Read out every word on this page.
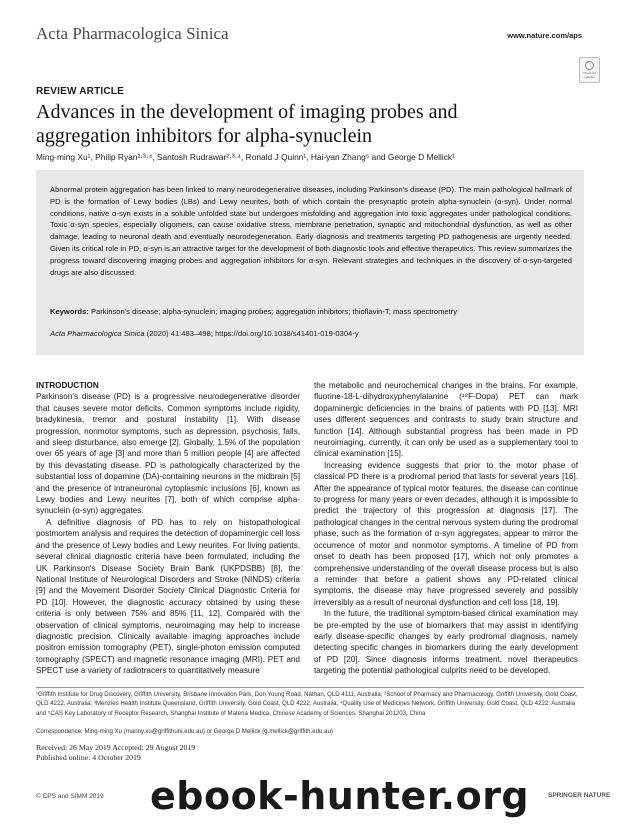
Acta Pharmacologica Sinica	www.nature.com/aps
Check for updates
REVIEW ARTICLE
Advances in the development of imaging probes and aggregation inhibitors for alpha-synuclein
Ming-ming Xu¹, Philip Ryan²·³·⁴, Santosh Rudrawar²·³·⁴, Ronald J Quinn¹, Hai-yan Zhang⁵ and George D Mellick¹
Abnormal protein aggregation has been linked to many neurodegenerative diseases, including Parkinson's disease (PD). The main pathological hallmark of PD is the formation of Lewy bodies (LBs) and Lewy neurites, both of which contain the presynaptic protein alpha-synuclein (α-syn). Under normal conditions, native α-syn exists in a soluble unfolded state but undergoes misfolding and aggregation into toxic aggregates under pathological conditions. Toxic α-syn species, especially oligomers, can cause oxidative stress, membrane penetration, synaptic and mitochondrial dysfunction, as well as other damage, leading to neuronal death and eventually neurodegeneration. Early diagnosis and treatments targeting PD pathogenesis are urgently needed. Given its critical role in PD, α-syn is an attractive target for the development of both diagnostic tools and effective therapeutics. This review summarizes the progress toward discovering imaging probes and aggregation inhibitors for α-syn. Relevant strategies and techniques in the discovery of α-syn-targeted drugs are also discussed.
Keywords: Parkinson's disease; alpha-synuclein; imaging probes; aggregation inhibitors; thioflavin-T; mass spectrometry
Acta Pharmacologica Sinica (2020) 41:483–498; https://doi.org/10.1038/s41401-019-0304-y

INTRODUCTION

Parkinson's disease (PD) is a progressive neurodegenerative disorder that causes severe motor deficits. Common symptoms include rigidity, bradykinesia, tremor and postural instability [1]. With disease progression, nonmotor symptoms, such as depression, psychosis, falls, and sleep disturbance, also emerge [2]. Globally, 1.5% of the population over 65 years of age [3] and more than 5 million people [4] are affected by this devastating disease. PD is pathologically characterized by the substantial loss of dopamine (DA)-containing neurons in the midbrain [5] and the presence of intraneuronal cytoplasmic inclusions [6], known as Lewy bodies and Lewy neurites [7], both of which comprise alpha-synuclein (α-syn) aggregates.

A definitive diagnosis of PD has to rely on histopathological postmortem analysis and requires the detection of dopaminergic cell loss and the presence of Lewy bodies and Lewy neurites. For living patients, several clinical diagnostic criteria have been formulated, including the UK Parkinson's Disease Society Brain Bank (UKPDSBB) [8], the National Institute of Neurological Disorders and Stroke (NINDS) criteria [9] and the Movement Disorder Society Clinical Diagnostic Criteria for PD [10]. However, the diagnostic accuracy obtained by using these criteria is only between 75% and 85% [11, 12]. Compared with the observation of clinical symptoms, neuroimaging may help to increase diagnostic precision. Clinically available imaging approaches include positron emission tomography (PET), single-photon emission computed tomography (SPECT) and magnetic resonance imaging (MRI). PET and SPECT use a variety of radiotracers to quantitatively measure

the metabolic and neurochemical changes in the brains. For example, fluorine-18-L-dihydroxyphenylalanine (¹⁸F-Dopa) PET can mark dopaminergic deficiencies in the brains of patients with PD [13]. MRI uses different sequences and contrasts to study brain structure and function [14]. Although substantial progress has been made in PD neuroimaging, currently, it can only be used as a supplementary tool to clinical examination [15].

Increasing evidence suggests that prior to the motor phase of classical PD there is a prodromal period that lasts for several years [16]. After the appearance of typical motor features, the disease can continue to progress for many years or even decades, although it is impossible to predict the trajectory of this progression at diagnosis [17]. The pathological changes in the central nervous system during the prodromal phase, such as the formation of α-syn aggregates, appear to mirror the occurrence of motor and nonmotor symptoms. A timeline of PD from onset to death has been proposed [17], which not only promotes a comprehensive understanding of the overall disease process but is also a reminder that before a patient shows any PD-related clinical symptoms, the disease may have progressed severely and possibly irreversibly as a result of neuronal dysfunction and cell loss [18, 19].

In the future, the traditional symptom-based clinical examination may be pre-empted by the use of biomarkers that may assist in identifying early disease-specific changes by early prodromal diagnosis, namely detecting specific changes in biomarkers during the early development of PD [20]. Since diagnosis informs treatment, novel therapeutics targeting the potential pathological culprits need to be developed.

¹Griffith Institute for Drug Discovery, Griffith University, Brisbane Innovation Park, Don Young Road, Nathan, QLD 4111, Australia; ²School of Pharmacy and Pharmacology, Griffith University, Gold Coast, QLD 4222, Australia; ³Menzies Health Institute Queensland, Griffith University, Gold Coast, QLD 4222, Australia; ⁴Quality Use of Medicines Network, Griffith University, Gold Coast, QLD 4222, Australia and ⁵CAS Key Laboratory of Receptor Research, Shanghai Institute of Materia Medica, Chinese Academy of Sciences, Shanghai 201203, China
Correspondence: Ming-ming Xu (manny.xu@griffithuni.edu.au) or George D Mellick (g.mellick@griffith.edu.au)
Received: 26 May 2019 Accepted: 29 August 2019
Published online: 4 October 2019
© CPS and SIMM 2019	SPRINGER NATURE
ebook-hunter.org
